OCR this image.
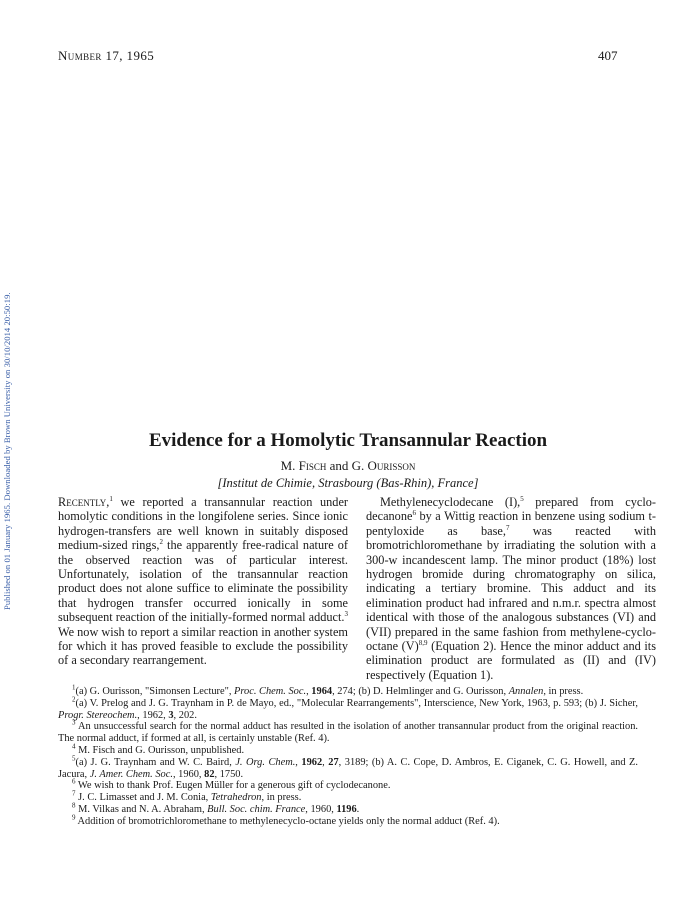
Number 17, 1965	407
Published on 01 January 1965. Downloaded by Brown University on 30/10/2014 20:50:19.	Evidence for a Homolytic Transannular Reaction
M. Fisch and G. Ourisson
[Institut de Chimie, Strasbourg (Bas-Rhin), France]

Recently,$^1$ we reported a transannular reaction under homolytic conditions in the longifolene series. Since ionic hydrogen-transfers are well known in suitably disposed medium-sized rings,$^2$ the apparently free-radical nature of the observed reaction was of particular interest. Unfortunately, isolation of the transannular reaction product does not alone suffice to eliminate the possibility that hydrogen transfer occurred ionically in some subsequent reaction of the initially-formed normal adduct.$^3$ We now wish to report a similar reaction in another system for which it has proved feasible to exclude the possibility of a secondary rearrangement.

Methylenecyclodecane (I),$^5$ prepared from cyclo-decanone$^6$ by a Wittig reaction in benzene using sodium t-pentyloxide as base,$^7$ was reacted with bromotrichloromethane by irradiating the solution with a 300-w incandescent lamp. The minor product (18%) lost hydrogen bromide during chromatography on silica, indicating a tertiary bromine. This adduct and its elimination product had infrared and n.m.r. spectra almost identical with those of the analogous substances (VI) and (VII) prepared in the same fashion from methylene-cyclo-octane $(V)^{8,9}$ (Equation 2). Hence the minor adduct and its elimination product are formulated as (II) and (IV) respectively (Equation 1).

$^1$(a) G. Ourisson, "Simonsen Lecture", Proc. Chem. Soc., 1964, 274; (b) D. Helmlinger and G. Ourisson, Annalen, in press.

$^2$(a) V. Prelog and J. G. Traynham in P. de Mayo, ed., "Molecular Rearrangements", Interscience, New York, 1963, p. 593; (b) J. Sicher, Progr. Stereochem., 1962, 3, 202.

$^3$ An unsuccessful search for the normal adduct has resulted in the isolation of another transannular product from the original reaction. The normal adduct, if formed at all, is certainly unstable (Ref. 4).

$^4$ M. Fisch and G. Ourisson, unpublished.

$^5$(a) J. G. Traynham and W. C. Baird, J. Org. Chem., 1962, 27, 3189; (b) A. C. Cope, D. Ambros, E. Ciganek, C. G. Howell, and Z. Jacura, J. Amer. Chem. Soc., 1960, 82, 1750.

$^6$ We wish to thank Prof. Eugen Müller for a generous gift of cyclodecanone.

$^7$ J. C. Limasset and J. M. Conia, Tetrahedron, in press.

$^8$ M. Vilkas and N. A. Abraham, Bull. Soc. chim. France, 1960, 1196.

$^9$ Addition of bromotrichloromethane to methylenecyclo-octane yields only the normal adduct (Ref. 4).
